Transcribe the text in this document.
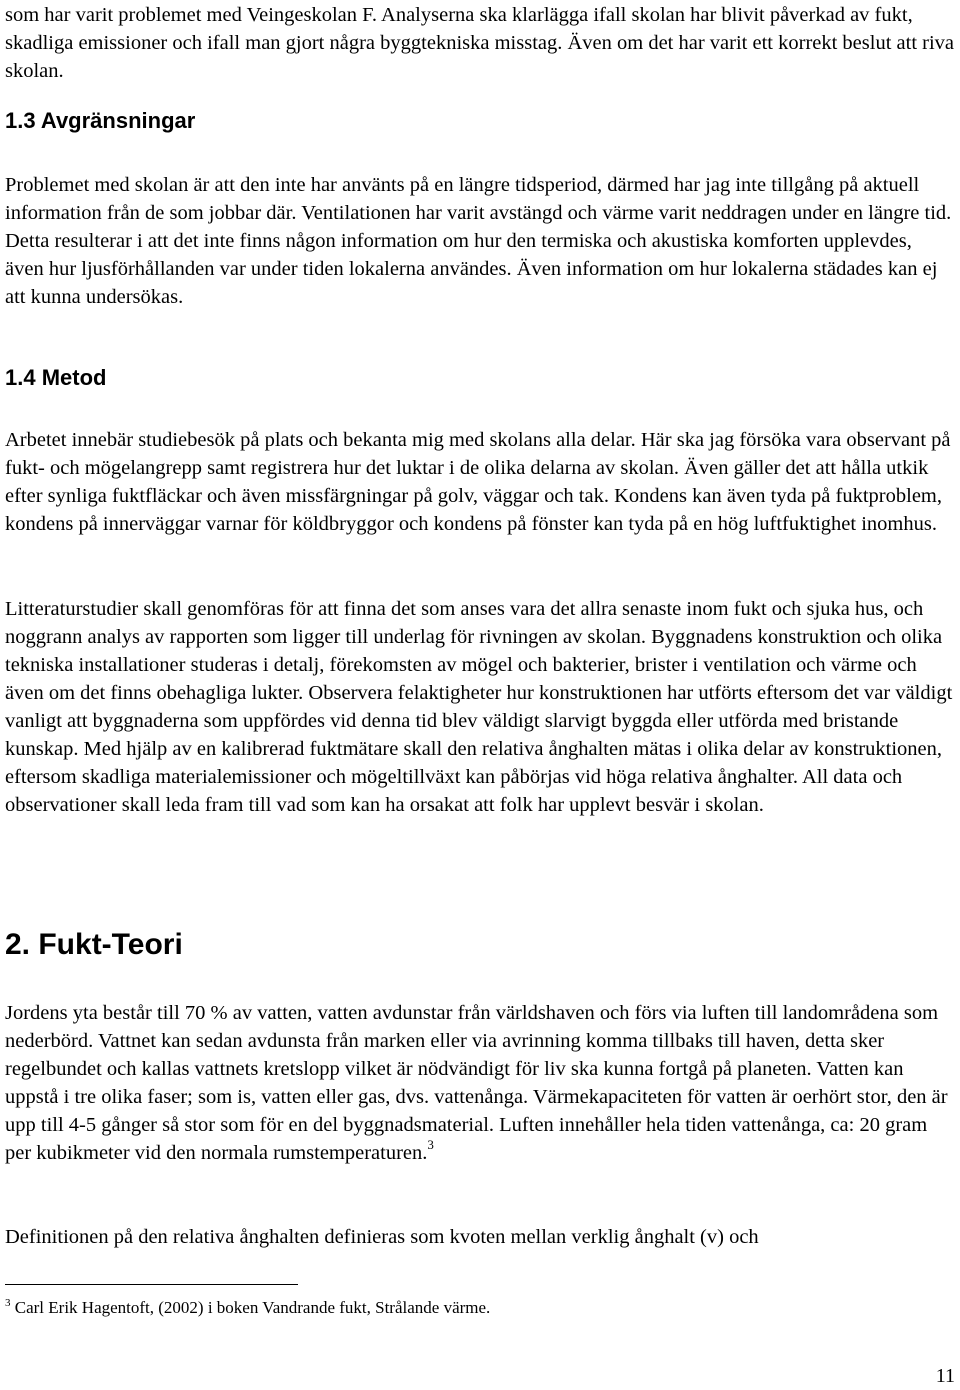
som har varit problemet med Veingeskolan F. Analyserna ska klarlägga ifall skolan har blivit påverkad av fukt, skadliga emissioner och ifall man gjort några byggtekniska misstag. Även om det har varit ett korrekt beslut att riva skolan.

1.3 Avgränsningar

Problemet med skolan är att den inte har använts på en längre tidsperiod, därmed har jag inte tillgång på aktuell information från de som jobbar där. Ventilationen har varit avstängd och värme varit neddragen under en längre tid. Detta resulterar i att det inte finns någon information om hur den termiska och akustiska komforten upplevdes, även hur ljusförhållanden var under tiden lokalerna användes. Även information om hur lokalerna städades kan ej att kunna undersökas.

1.4 Metod

Arbetet innebär studiebesök på plats och bekanta mig med skolans alla delar. Här ska jag försöka vara observant på fukt- och mögelangrepp samt registrera hur det luktar i de olika delarna av skolan. Även gäller det att hålla utkik efter synliga fuktfläckar och även missfärgningar på golv, väggar och tak. Kondens kan även tyda på fuktproblem, kondens på innerväggar varnar för köldbryggor och kondens på fönster kan tyda på en hög luftfuktighet inomhus.

Litteraturstudier skall genomföras för att finna det som anses vara det allra senaste inom fukt och sjuka hus, och noggrann analys av rapporten som ligger till underlag för rivningen av skolan. Byggnadens konstruktion och olika tekniska installationer studeras i detalj, förekomsten av mögel och bakterier, brister i ventilation och värme och även om det finns obehagliga lukter. Observera felaktigheter hur konstruktionen har utförts eftersom det var väldigt vanligt att byggnaderna som uppfördes vid denna tid blev väldigt slarvigt byggda eller utförda med bristande kunskap. Med hjälp av en kalibrerad fuktmätare skall den relativa ånghalten mätas i olika delar av konstruktionen, eftersom skadliga materialemissioner och mögeltillväxt kan påbörjas vid höga relativa ånghalter. All data och observationer skall leda fram till vad som kan ha orsakat att folk har upplevt besvär i skolan.

2. Fukt-Teori

Jordens yta består till 70 % av vatten, vatten avdunstar från världshaven och förs via luften till landområdena som nederbörd. Vattnet kan sedan avdunsta från marken eller via avrinning komma tillbaks till haven, detta sker regelbundet och kallas vattnets kretslopp vilket är nödvändigt för liv ska kunna fortgå på planeten. Vatten kan uppstå i tre olika faser; som is, vatten eller gas, dvs. vattenånga. Värmekapaciteten för vatten är oerhört stor, den är upp till 4-5 gånger så stor som för en del byggnadsmaterial. Luften innehåller hela tiden vattenånga, ca: 20 gram per kubikmeter vid den normala rumstemperaturen.$^3$

Definitionen på den relativa ånghalten definieras som kvoten mellan verklig ånghalt (v) och

$^3$ Carl Erik Hagentoft, (2002) i boken Vandrande fukt, Strålande värme.
11
